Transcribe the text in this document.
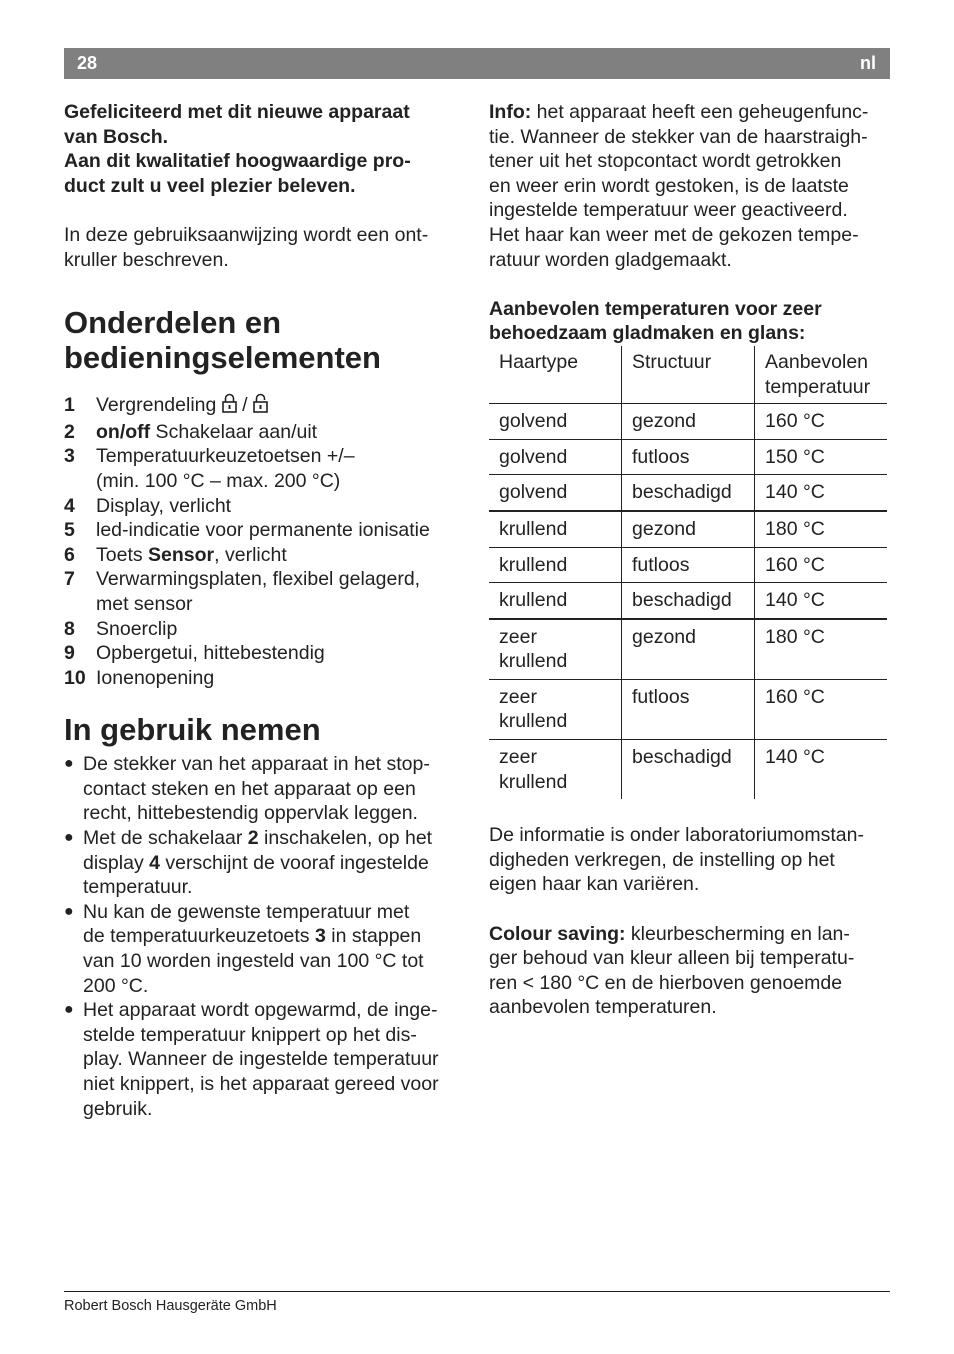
28	nl

Gefeliciteerd met dit nieuwe apparaat

van Bosch.

Aan dit kwalitatief hoogwaardige pro-

duct zult u veel plezier beleven.

In deze gebruiksaanwijzing wordt een ont-

kruller beschreven.

Onderdelen en
bedieningselementen
1	Vergrendeling  /
2	on/off Schakelaar aan/uit
3	Temperatuurkeuzetoetsen +/–
(min. 100 °C – max. 200 °C)
4	Display, verlicht
5	led-indicatie voor permanente ionisatie
6	Toets Sensor, verlicht
7	Verwarmingsplaten, flexibel gelagerd,
met sensor
8	Snoerclip
9	Opbergetui, hittebestendig
10 Ionenopening
In gebruik nemen
● De stekker van het apparaat in het stop-
contact steken en het apparaat op een
recht, hittebestendig oppervlak leggen.
● Met de schakelaar 2 inschakelen, op het
display 4 verschijnt de vooraf ingestelde
temperatuur.
● Nu kan de gewenste temperatuur met
de temperatuurkeuzetoets 3 in stappen
van 10 worden ingesteld van 100 °C tot
200 °C.
● Het apparaat wordt opgewarmd, de inge-
stelde temperatuur knippert op het dis-
play. Wanneer de ingestelde temperatuur
niet knippert, is het apparaat gereed voor
gebruik.

Info: het apparaat heeft een geheugenfunc-

tie. Wanneer de stekker van de haarstraigh-

tener uit het stopcontact wordt getrokken

en weer erin wordt gestoken, is de laatste

ingestelde temperatuur weer geactiveerd.

Het haar kan weer met de gekozen tempe-

ratuur worden gladgemaakt.

Aanbevolen temperaturen voor zeer

behoedzaam gladmaken en glans:

Haartype	Structuur	Aanbevolen
temperatuur

golvend	gezond	160 °C
golvend	futloos	150 °C
golvend	beschadigd	140 °C
krullend	gezond	180 °C
krullend	futloos	160 °C
krullend	beschadigd	140 °C

zeer
krullend	gezond	180 °C

zeer
krullend	futloos	160 °C

zeer
krullend	beschadigd	140 °C

De informatie is onder laboratoriumomstan-

digheden verkregen, de instelling op het

eigen haar kan variëren.

Colour saving: kleurbescherming en lan-

ger behoud van kleur alleen bij temperatu-

ren < 180 °C en de hierboven genoemde

aanbevolen temperaturen.

Robert Bosch Hausgeräte GmbH
